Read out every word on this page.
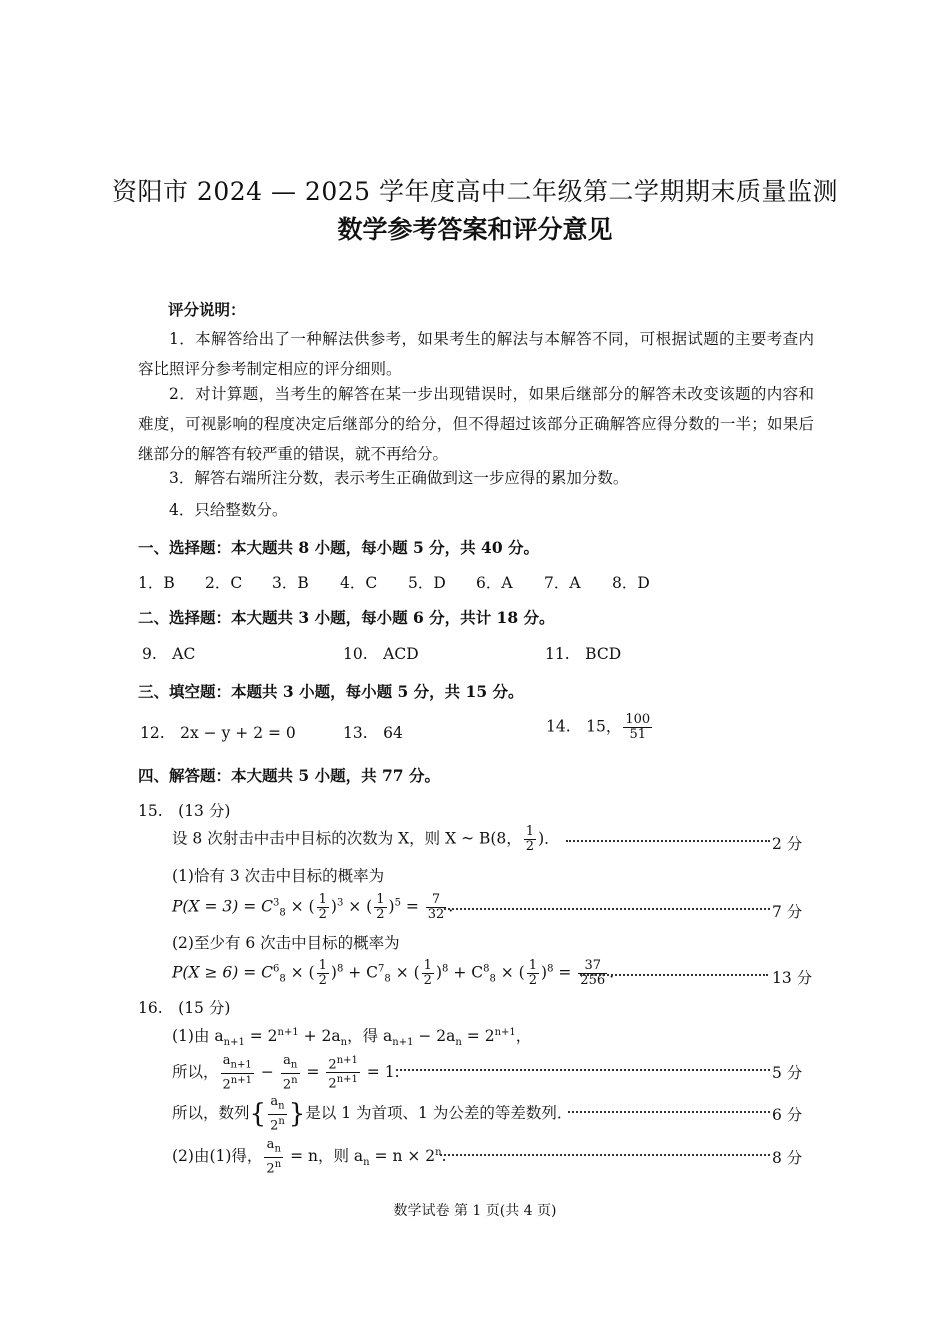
资阳市 2024 — 2025 学年度高中二年级第二学期期末质量监测
数学参考答案和评分意见
评分说明：
1．本解答给出了一种解法供参考，如果考生的解法与本解答不同，可根据试题的主要考查内容比照评分参考制定相应的评分细则。
2．对计算题，当考生的解答在某一步出现错误时，如果后继部分的解答未改变该题的内容和难度，可视影响的程度决定后继部分的给分，但不得超过该部分正确解答应得分数的一半；如果后继部分的解答有较严重的错误，就不再给分。
3．解答右端所注分数，表示考生正确做到这一步应得的累加分数。
4．只给整数分。
一、选择题：本大题共 8 小题，每小题 5 分，共 40 分。
1．B 2．C 3．B 4．C 5．D 6．A 7．A 8．D
二、选择题：本大题共 3 小题，每小题 6 分，共计 18 分。
9.　AC	10.　ACD	11.　BCD
三、填空题：本题共 3 小题，每小题 5 分，共 15 分。
12.　2x − y + 2 = 0	13.　64	14.　15， $\frac{100}{51}$
四、解答题：本大题共 5 小题，共 77 分。
15.　(13 分)
设 8 次射击中击中目标的次数为 X，则 X ~ B(8， $\frac{1}{2}$ )．	2 分
(1)恰有 3 次击中目标的概率为
$P(X = 3) = C^3_8$ × ( $\frac{1}{2} )^3$ × ( $\frac{1}{2} )^5 = \frac{7}{32}$ .	7 分
(2)至少有 6 次击中目标的概率为
$P(X \ge 6) = C^6_8$ × ( $\frac{1}{2} )^8 + C^7_8$ × ( $\frac{1}{2} )^8 + C^8_8$ × ( $\frac{1}{2} )^8 = \frac{37}{256}$ .	13 分
16.　(15 分)
(1)由 $a_{n+1} = 2^{n+1} + 2a_n$，得 $a_{n+1} - 2a_n = 2^{n+1}$，
所以， $\frac{a_{n+1}}{2^{n+1}} - \frac{a_n}{2^n} = \frac{2^{n+1}}{2^{n+1}} = 1$.	5 分
所以，数列{ $\frac{a_n}{2^n}$ }是以 1 为首项、1 为公差的等差数列．	6 分
(2)由(1)得， $\frac{a_n}{2^n} = n$，则 $a_n = n \times 2^n$.	8 分
数学试卷 第 1 页(共 4 页)
